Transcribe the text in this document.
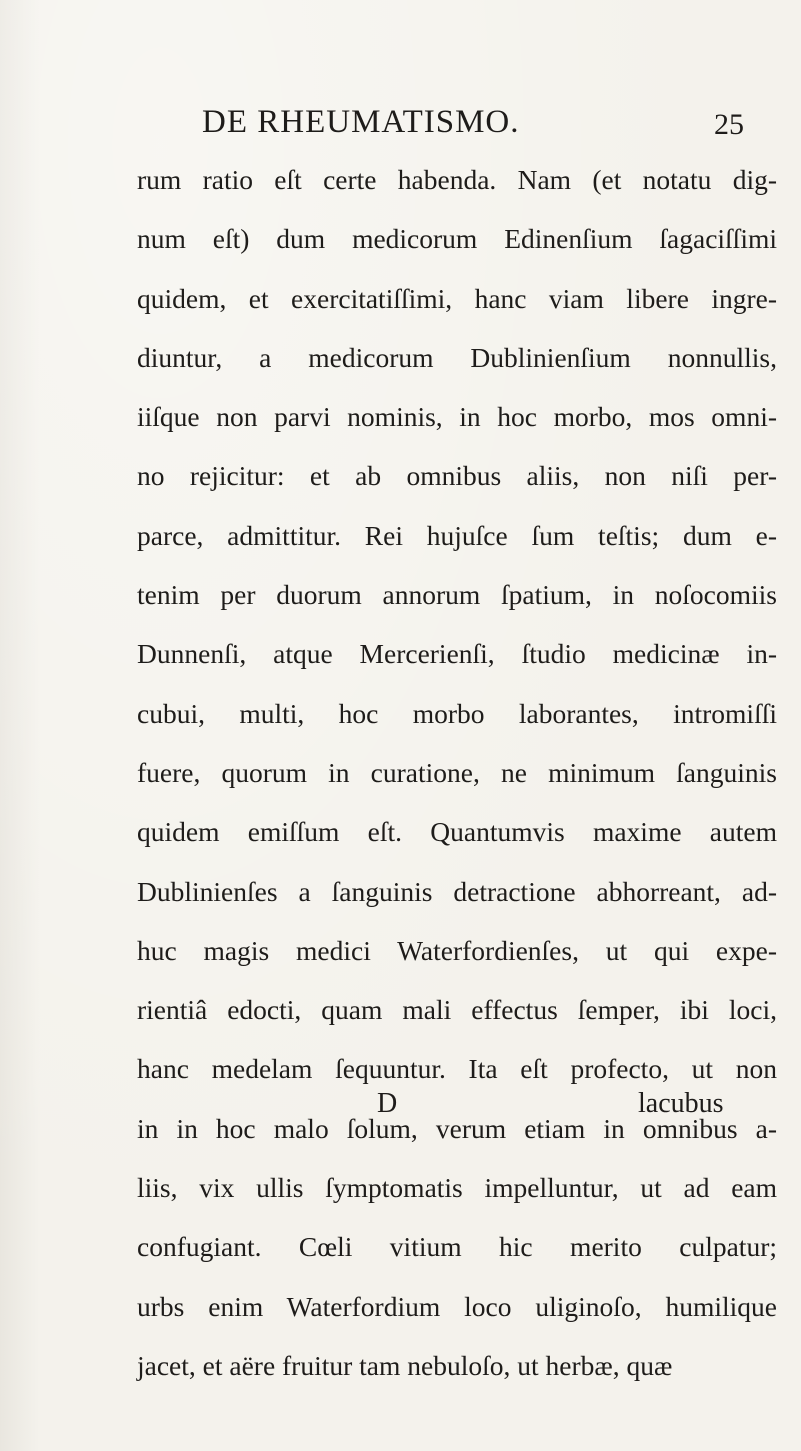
DE RHEUMATISMO.	25
rum ratio eſt certe habenda. Nam (et notatu dig-
num eſt) dum medicorum Edinenſium ſagaciſſimi
quidem, et exercitatiſſimi, hanc viam libere ingre-
diuntur, a medicorum Dublinienſium nonnullis,
iiſque non parvi nominis, in hoc morbo, mos omni-
no rejicitur: et ab omnibus aliis, non niſi per-
parce, admittitur. Rei hujuſce ſum teſtis; dum e-
tenim per duorum annorum ſpatium, in noſocomiis
Dunnenſi, atque Mercerienſi, ſtudio medicinæ in-
cubui, multi, hoc morbo laborantes, intromiſſi
fuere, quorum in curatione, ne minimum ſanguinis
quidem emiſſum eſt. Quantumvis maxime autem
Dublinienſes a ſanguinis detractione abhorreant, ad-
huc magis medici Waterfordienſes, ut qui expe-
rientiâ edocti, quam mali effectus ſemper, ibi loci,
hanc medelam ſequuntur. Ita eſt profecto, ut non
in in hoc malo ſolum, verum etiam in omnibus a-
liis, vix ullis ſymptomatis impelluntur, ut ad eam
confugiant. Cœli vitium hic merito culpatur;
urbs enim Waterfordium loco uliginoſo, humilique
jacet, et aëre fruitur tam nebuloſo, ut herbæ, quæ
D	lacubus
